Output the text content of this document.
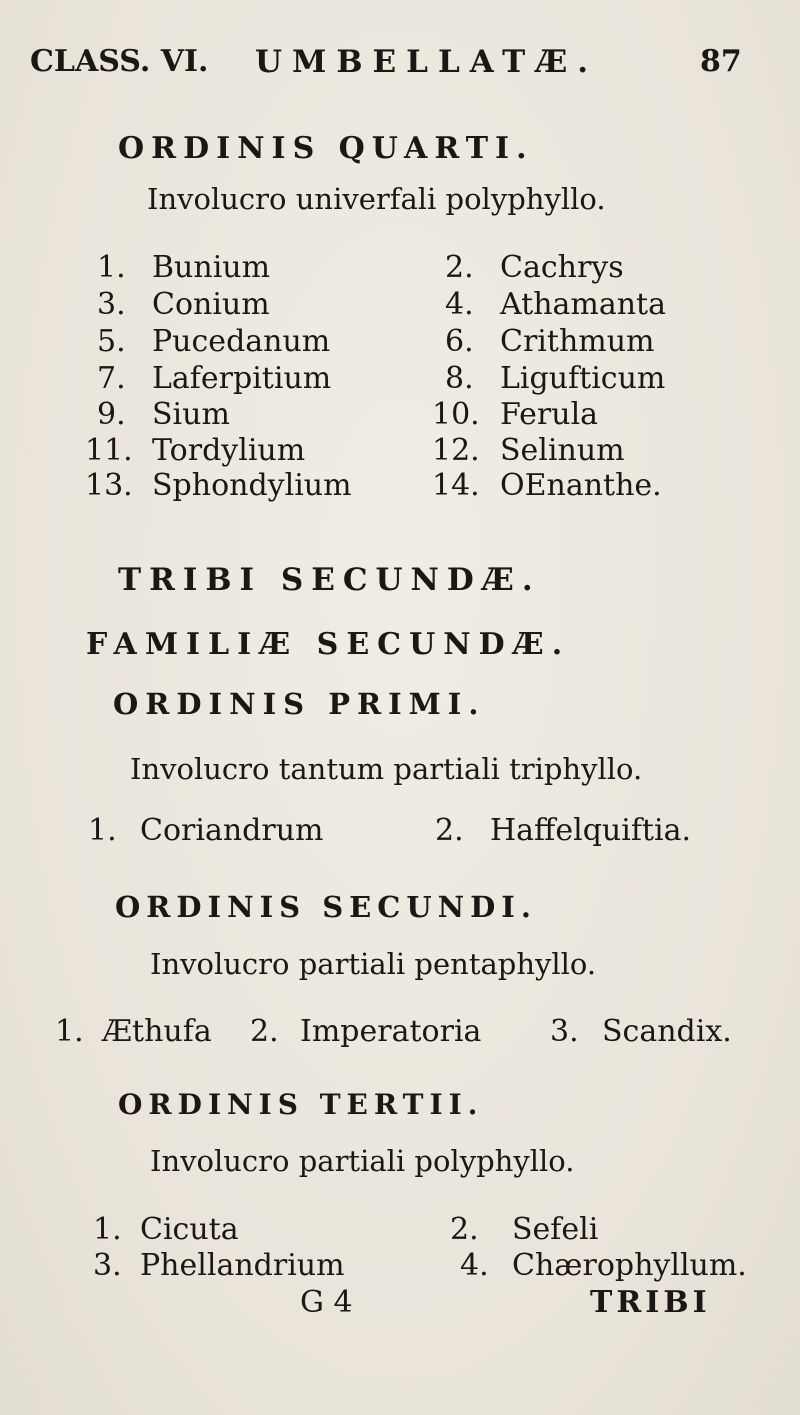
CLASS. VI. UMBELLATÆ.	87
ORDINIS QUARTI.
Involucro univerfali polyphyllo.
1. Bunium	2. Cachrys
3. Conium	4. Athamanta
5. Pucedanum	6. Crithmum
7. Laferpitium	8. Ligufticum
9. Sium	10. Ferula
11. Tordylium	12. Selinum
13. Sphondylium	14. OEnanthe.
TRIBI SECUNDÆ.
FAMILIÆ SECUNDÆ.
ORDINIS PRIMI.
Involucro tantum partiali triphyllo.
1. Coriandrum	2. Haffelquiftia.
ORDINIS SECUNDI.
Involucro partiali pentaphyllo.
1. Æthufa 2. Imperatoria 3. Scandix.
ORDINIS TERTII.
Involucro partiali polyphyllo.
1. Cicuta	2. Sefeli
3. Phellandrium	4. Chærophyllum.
G 4	TRIBI
